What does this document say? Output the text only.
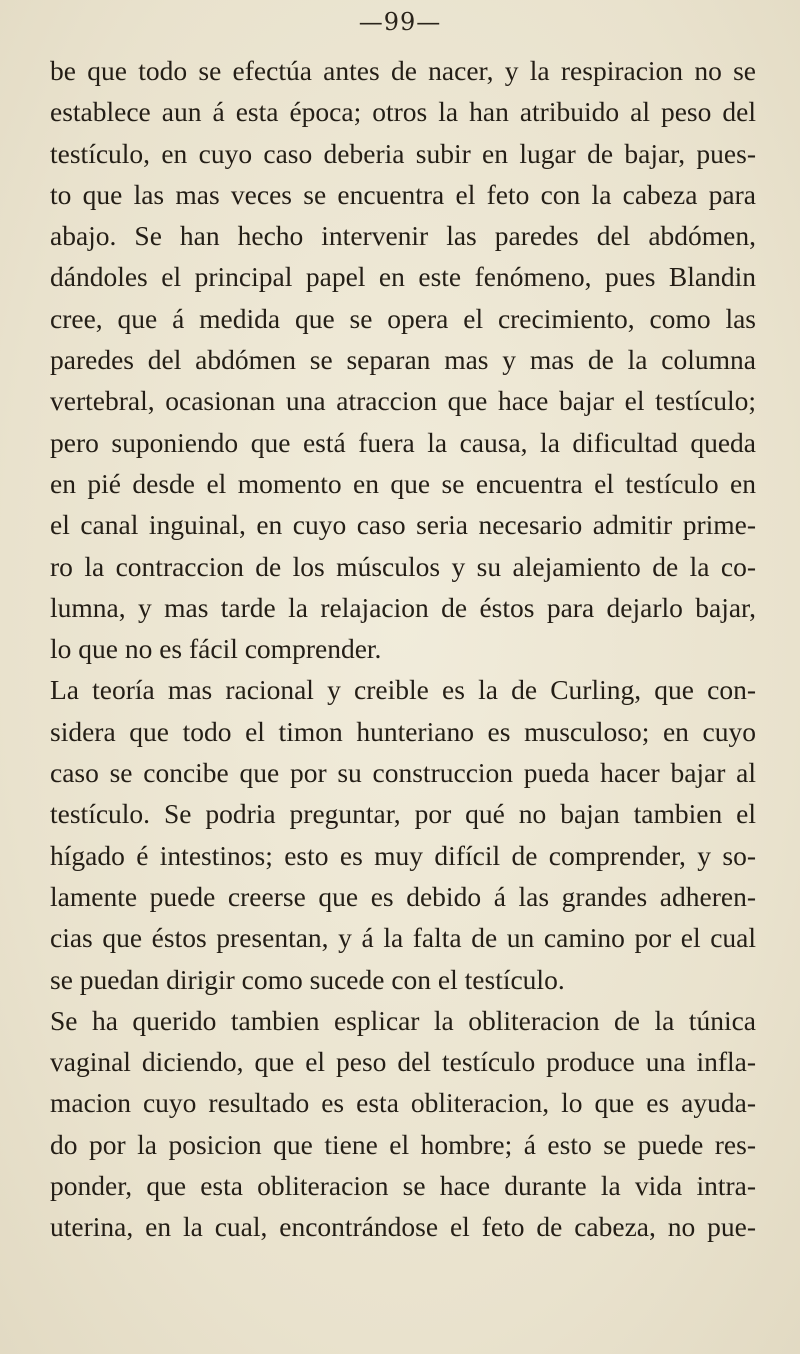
—99—
be que todo se efectúa antes de nacer, y la respiracion no se
establece aun á esta época; otros la han atribuido al peso del
testículo, en cuyo caso deberia subir en lugar de bajar, pues-
to que las mas veces se encuentra el feto con la cabeza para
abajo. Se han hecho intervenir las paredes del abdómen,
dándoles el principal papel en este fenómeno, pues Blandin
cree, que á medida que se opera el crecimiento, como las
paredes del abdómen se separan mas y mas de la columna
vertebral, ocasionan una atraccion que hace bajar el testículo;
pero suponiendo que está fuera la causa, la dificultad queda
en pié desde el momento en que se encuentra el testículo en
el canal inguinal, en cuyo caso seria necesario admitir prime-
ro la contraccion de los músculos y su alejamiento de la co-
lumna, y mas tarde la relajacion de éstos para dejarlo bajar,
lo que no es fácil comprender.
La teoría mas racional y creible es la de Curling, que con-
sidera que todo el timon hunteriano es musculoso; en cuyo
caso se concibe que por su construccion pueda hacer bajar al
testículo. Se podria preguntar, por qué no bajan tambien el
hígado é intestinos; esto es muy difícil de comprender, y so-
lamente puede creerse que es debido á las grandes adheren-
cias que éstos presentan, y á la falta de un camino por el cual
se puedan dirigir como sucede con el testículo.
Se ha querido tambien esplicar la obliteracion de la túnica
vaginal diciendo, que el peso del testículo produce una infla-
macion cuyo resultado es esta obliteracion, lo que es ayuda-
do por la posicion que tiene el hombre; á esto se puede res-
ponder, que esta obliteracion se hace durante la vida intra-
uterina, en la cual, encontrándose el feto de cabeza, no pue-
